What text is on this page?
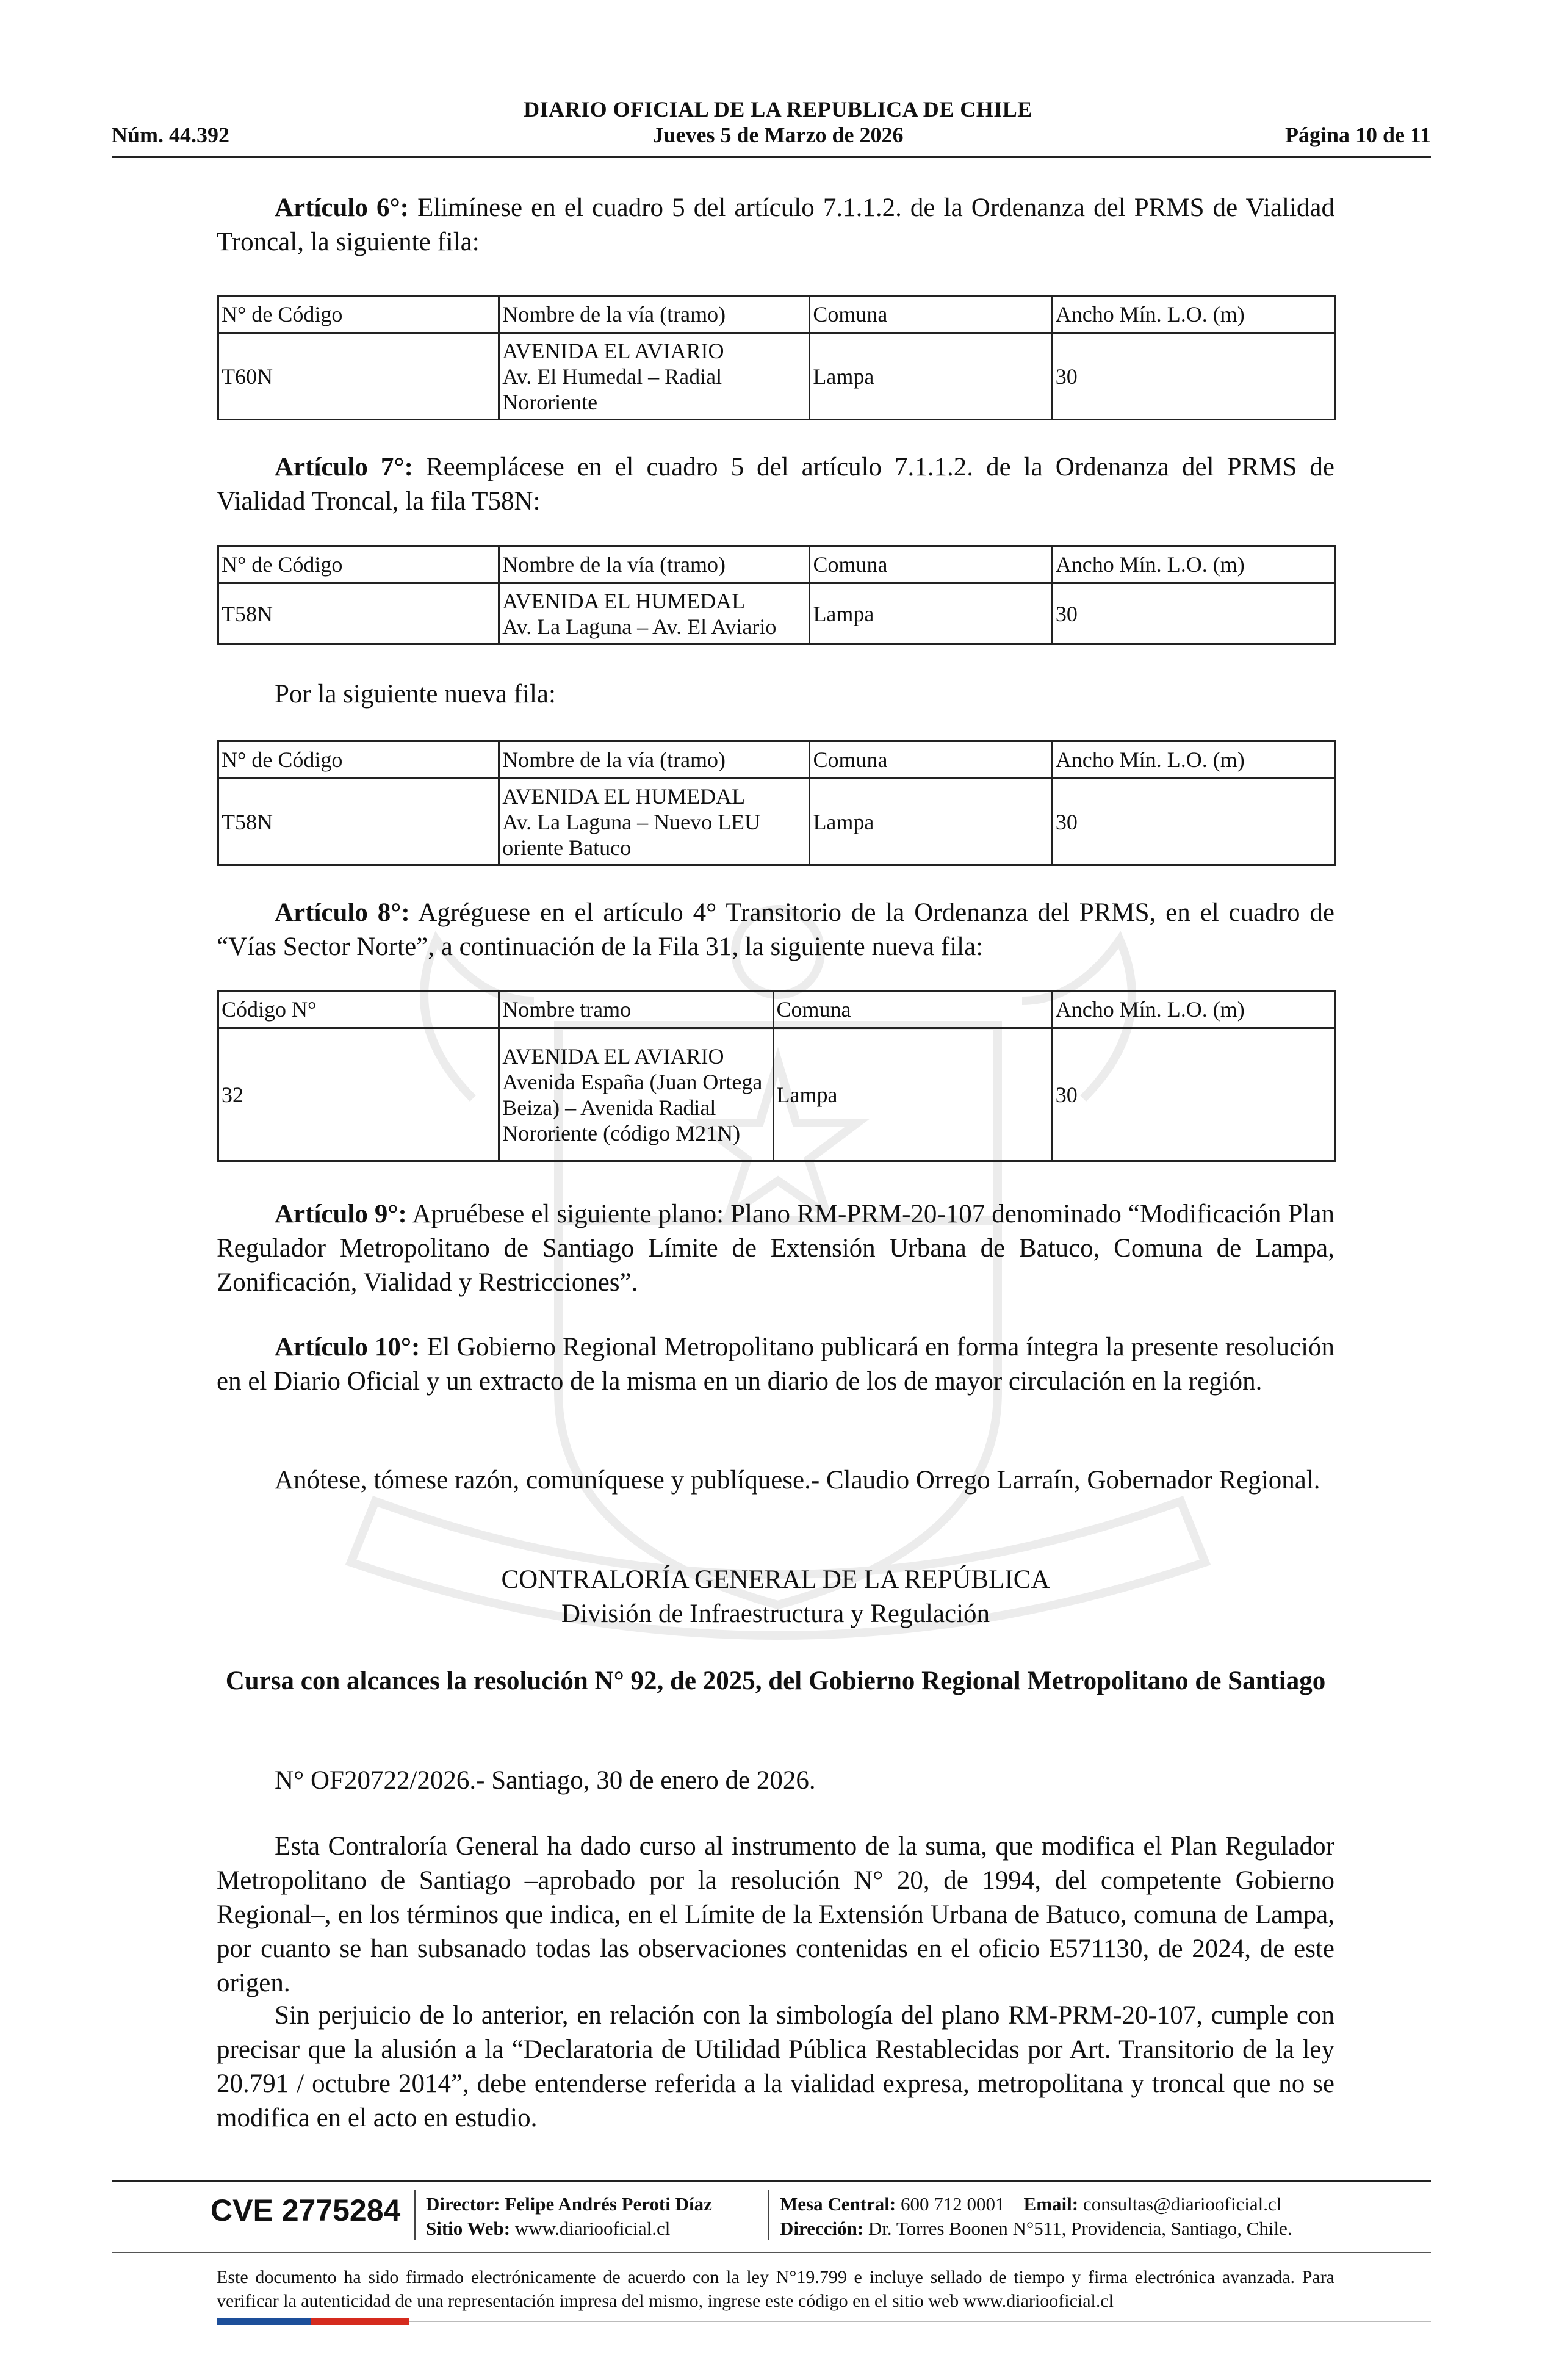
DIARIO OFICIAL DE LA REPUBLICA DE CHILE
Núm. 44.392	Jueves 5 de Marzo de 2026	Página 10 de 11
Artículo 6°: Elimínese en el cuadro 5 del artículo 7.1.1.2. de la Ordenanza del PRMS de Vialidad Troncal, la siguiente fila:
N° de Código	Nombre de la vía (tramo)	Comuna	Ancho Mín. L.O. (m)
T60N	AVENIDA EL AVIARIO
Av. El Humedal – Radial
Nororiente	Lampa	30
Artículo 7°: Reemplácese en el cuadro 5 del artículo 7.1.1.2. de la Ordenanza del PRMS de Vialidad Troncal, la fila T58N:
N° de Código	Nombre de la vía (tramo)	Comuna	Ancho Mín. L.O. (m)
T58N	AVENIDA EL HUMEDAL
Av. La Laguna – Av. El Aviario	Lampa	30
Por la siguiente nueva fila:
N° de Código	Nombre de la vía (tramo)	Comuna	Ancho Mín. L.O. (m)
T58N	AVENIDA EL HUMEDAL
Av. La Laguna – Nuevo LEU
oriente Batuco	Lampa	30
Artículo 8°: Agréguese en el artículo 4° Transitorio de la Ordenanza del PRMS, en el cuadro de “Vías Sector Norte”, a continuación de la Fila 31, la siguiente nueva fila:
Código N°	Nombre tramo	Comuna	Ancho Mín. L.O. (m)
32	AVENIDA EL AVIARIO
Avenida España (Juan Ortega
Beiza) – Avenida Radial
Nororiente (código M21N)	Lampa	30
Artículo 9°: Apruébese el siguiente plano: Plano RM-PRM-20-107 denominado “Modificación Plan Regulador Metropolitano de Santiago Límite de Extensión Urbana de Batuco, Comuna de Lampa, Zonificación, Vialidad y Restricciones”.
Artículo 10°: El Gobierno Regional Metropolitano publicará en forma íntegra la presente resolución en el Diario Oficial y un extracto de la misma en un diario de los de mayor circulación en la región.
Anótese, tómese razón, comuníquese y publíquese.- Claudio Orrego Larraín, Gobernador Regional.
CONTRALORÍA GENERAL DE LA REPÚBLICA
División de Infraestructura y Regulación
Cursa con alcances la resolución N° 92, de 2025, del Gobierno Regional Metropolitano de Santiago
N° OF20722/2026.- Santiago, 30 de enero de 2026.
Esta Contraloría General ha dado curso al instrumento de la suma, que modifica el Plan Regulador Metropolitano de Santiago –aprobado por la resolución N° 20, de 1994, del competente Gobierno Regional–, en los términos que indica, en el Límite de la Extensión Urbana de Batuco, comuna de Lampa, por cuanto se han subsanado todas las observaciones contenidas en el oficio E571130, de 2024, de este origen.
Sin perjuicio de lo anterior, en relación con la simbología del plano RM-PRM-20-107, cumple con precisar que la alusión a la “Declaratoria de Utilidad Pública Restablecidas por Art. Transitorio de la ley 20.791 / octubre 2014”, debe entenderse referida a la vialidad expresa, metropolitana y troncal que no se modifica en el acto en estudio.
CVE 2775284 Director: Felipe Andrés Peroti Díaz
Sitio Web: www.diariooficial.cl
Mesa Central: 600 712 0001 Email: consultas@diariooficial.cl
Dirección: Dr. Torres Boonen N°511, Providencia, Santiago, Chile.
Este documento ha sido firmado electrónicamente de acuerdo con la ley N°19.799 e incluye sellado de tiempo y firma electrónica avanzada. Para verificar la autenticidad de una representación impresa del mismo, ingrese este código en el sitio web www.diariooficial.cl
